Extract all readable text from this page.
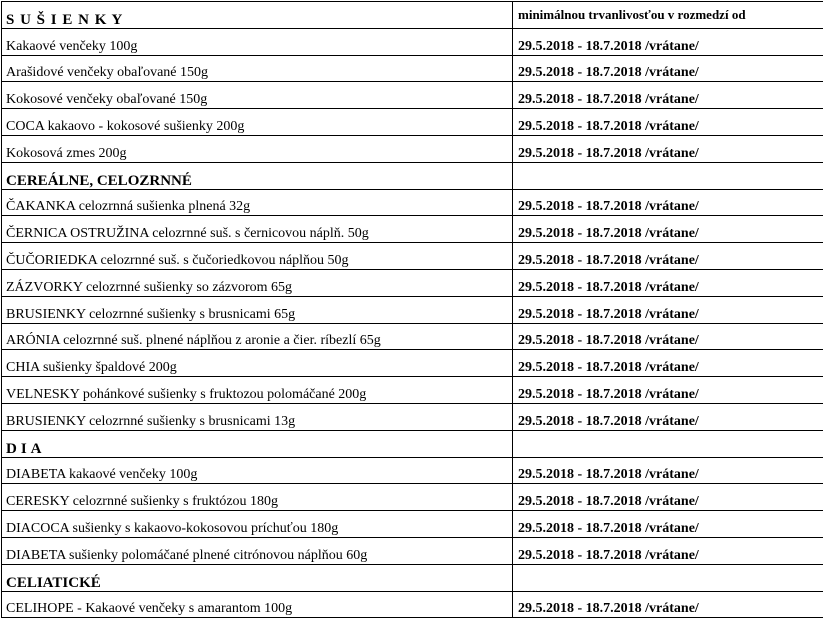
S U Š I E N K Y	minimálnou trvanlivosťou v rozmedzí od
Kakaové venčeky 100g	29.5.2018 - 18.7.2018 /vrátane/
Arašidové venčeky obaľované 150g	29.5.2018 - 18.7.2018 /vrátane/
Kokosové venčeky obaľované 150g	29.5.2018 - 18.7.2018 /vrátane/
COCA kakaovo - kokosové sušienky 200g	29.5.2018 - 18.7.2018 /vrátane/
Kokosová zmes 200g	29.5.2018 - 18.7.2018 /vrátane/
CEREÁLNE, CELOZRNNÉ	
ČAKANKA celozrnná sušienka plnená 32g	29.5.2018 - 18.7.2018 /vrátane/
ČERNICA OSTRUŽINA celozrnné suš. s černicovou náplň. 50g	29.5.2018 - 18.7.2018 /vrátane/
ČUČORIEDKA celozrnné suš. s čučoriedkovou náplňou 50g	29.5.2018 - 18.7.2018 /vrátane/
ZÁZVORKY celozrnné sušienky so zázvorom 65g	29.5.2018 - 18.7.2018 /vrátane/
BRUSIENKY celozrnné sušienky s brusnicami 65g	29.5.2018 - 18.7.2018 /vrátane/
ARÓNIA celozrnné suš. plnené náplňou z aronie a čier. ríbezlí 65g	29.5.2018 - 18.7.2018 /vrátane/
CHIA sušienky špaldové 200g	29.5.2018 - 18.7.2018 /vrátane/
VELNESKY pohánkové sušienky s fruktozou polomáčané 200g	29.5.2018 - 18.7.2018 /vrátane/
BRUSIENKY celozrnné sušienky s brusnicami 13g	29.5.2018 - 18.7.2018 /vrátane/
DIA	
DIABETA kakaové venčeky 100g	29.5.2018 - 18.7.2018 /vrátane/
CERESKY celozrnné sušienky s fruktózou 180g	29.5.2018 - 18.7.2018 /vrátane/
DIACOCA sušienky s kakaovo-kokosovou príchuťou 180g	29.5.2018 - 18.7.2018 /vrátane/
DIABETA sušienky polomáčané plnené citrónovou náplňou 60g	29.5.2018 - 18.7.2018 /vrátane/
CELIATICKÉ	
CELIHOPE - Kakaové venčeky s amarantom 100g	29.5.2018 - 18.7.2018 /vrátane/
